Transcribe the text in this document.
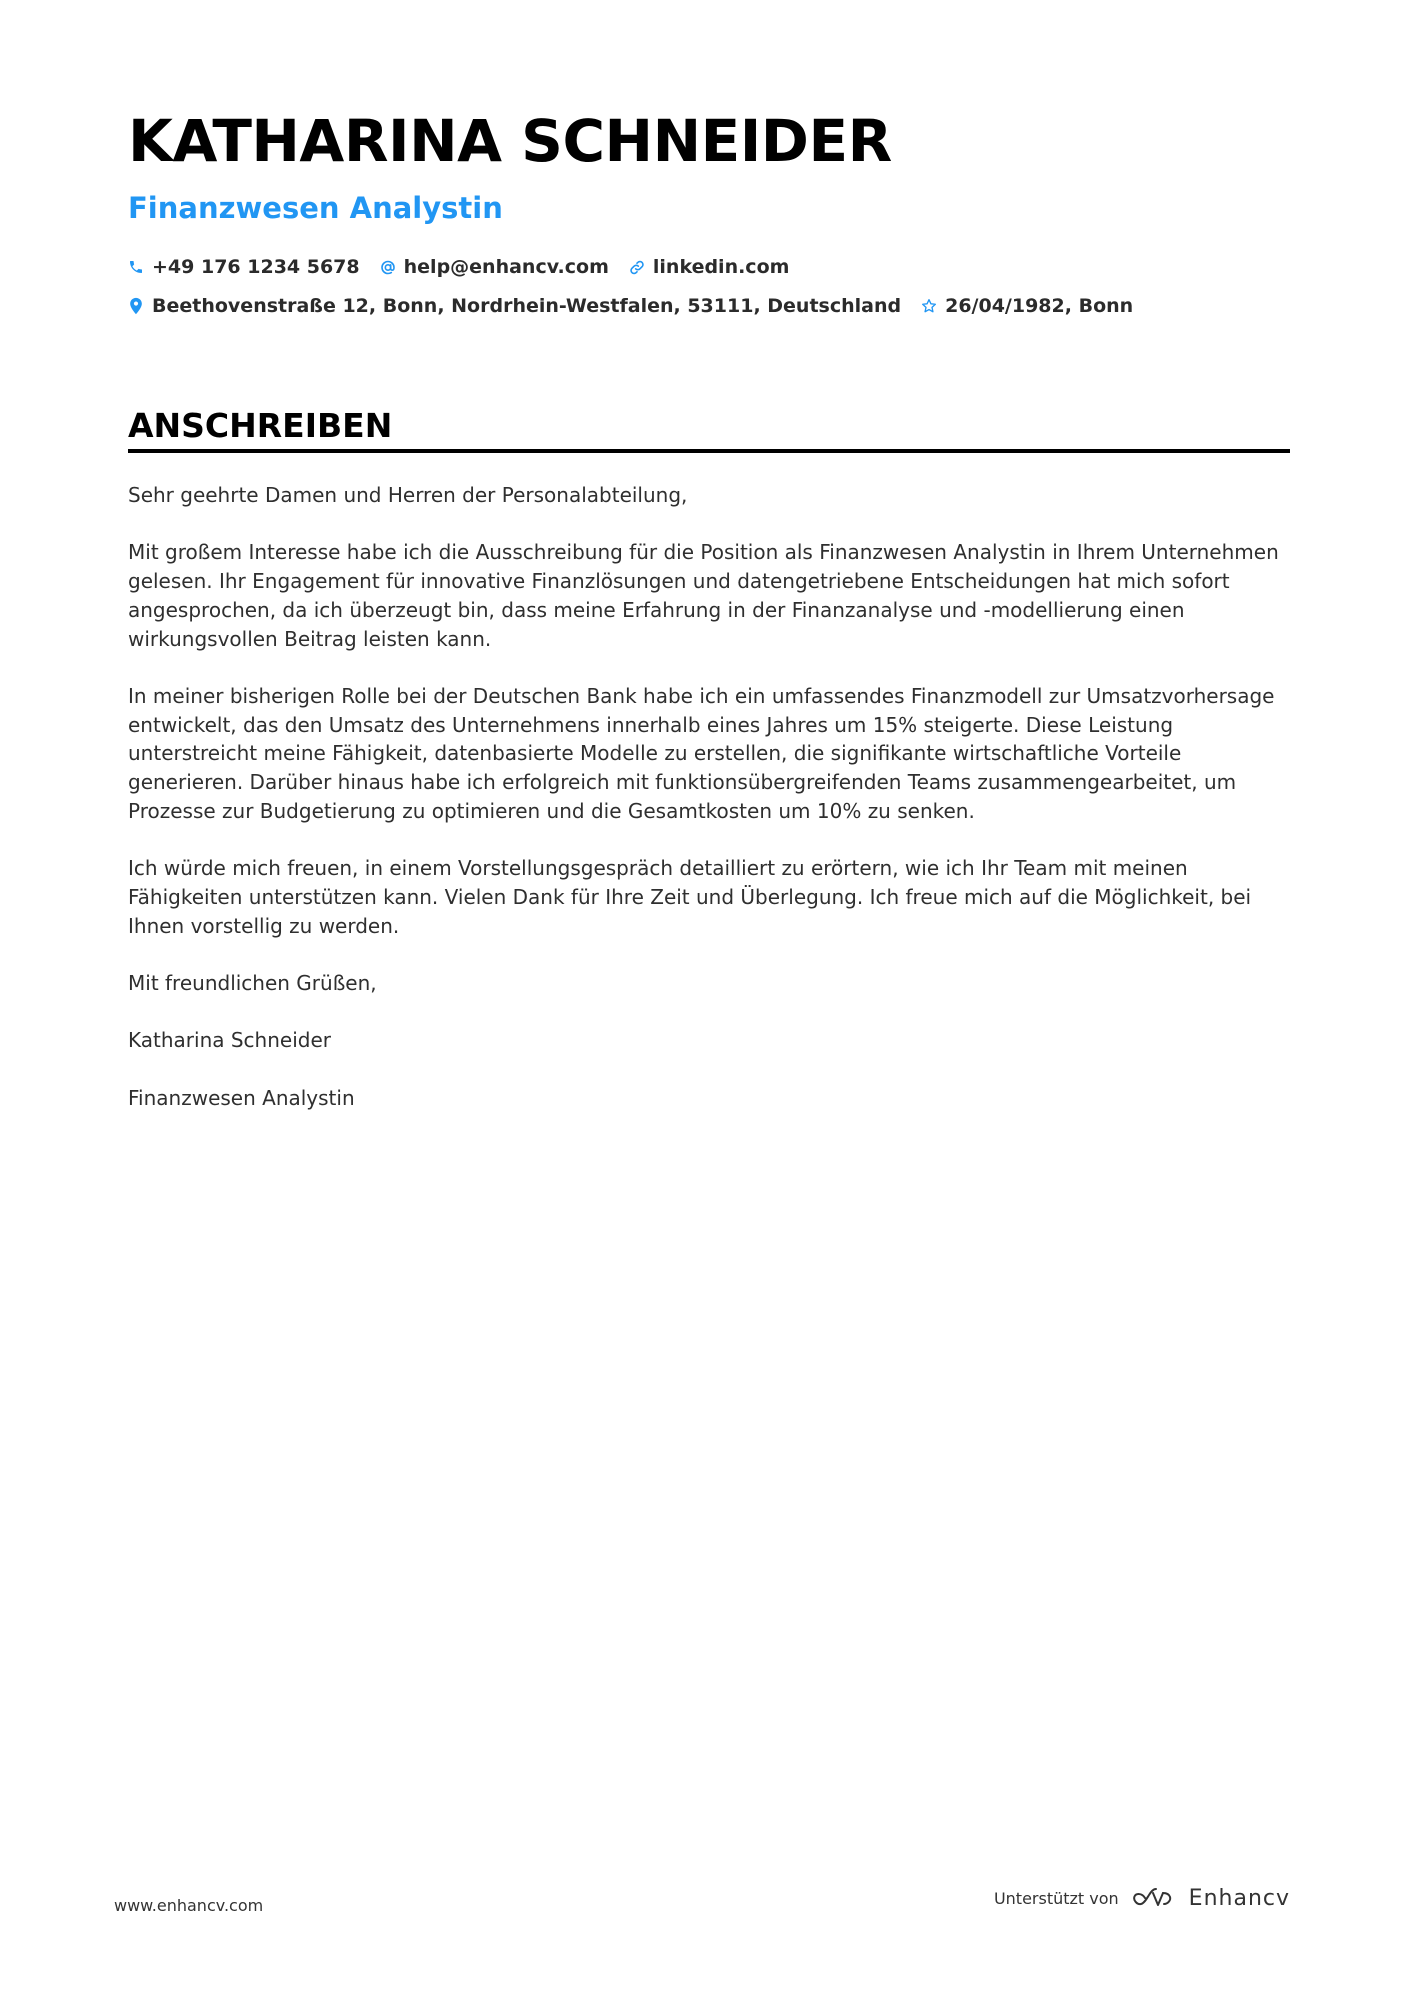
KATHARINA SCHNEIDER
Finanzwesen Analystin
+49 176 1234 5678 help@enhancv.com linkedin.com
Beethovenstraße 12, Bonn, Nordrhein-Westfalen, 53111, Deutschland 26/04/1982, Bonn
ANSCHREIBEN

Sehr geehrte Damen und Herren der Personalabteilung,

Mit großem Interesse habe ich die Ausschreibung für die Position als Finanzwesen Analystin in Ihrem Unternehmen gelesen. Ihr Engagement für innovative Finanzlösungen und datengetriebene Entscheidungen hat mich sofort angesprochen, da ich überzeugt bin, dass meine Erfahrung in der Finanzanalyse und -modellierung einen wirkungsvollen Beitrag leisten kann.

In meiner bisherigen Rolle bei der Deutschen Bank habe ich ein umfassendes Finanzmodell zur Umsatzvorhersage entwickelt, das den Umsatz des Unternehmens innerhalb eines Jahres um 15% steigerte. Diese Leistung unterstreicht meine Fähigkeit, datenbasierte Modelle zu erstellen, die signifikante wirtschaftliche Vorteile generieren. Darüber hinaus habe ich erfolgreich mit funktionsübergreifenden Teams zusammengearbeitet, um Prozesse zur Budgetierung zu optimieren und die Gesamtkosten um 10% zu senken.

Ich würde mich freuen, in einem Vorstellungsgespräch detailliert zu erörtern, wie ich Ihr Team mit meinen Fähigkeiten unterstützen kann. Vielen Dank für Ihre Zeit und Überlegung. Ich freue mich auf die Möglichkeit, bei Ihnen vorstellig zu werden.

Mit freundlichen Grüßen,

Katharina Schneider

Finanzwesen Analystin

www.enhancv.com	Unterstützt von	Enhancv
